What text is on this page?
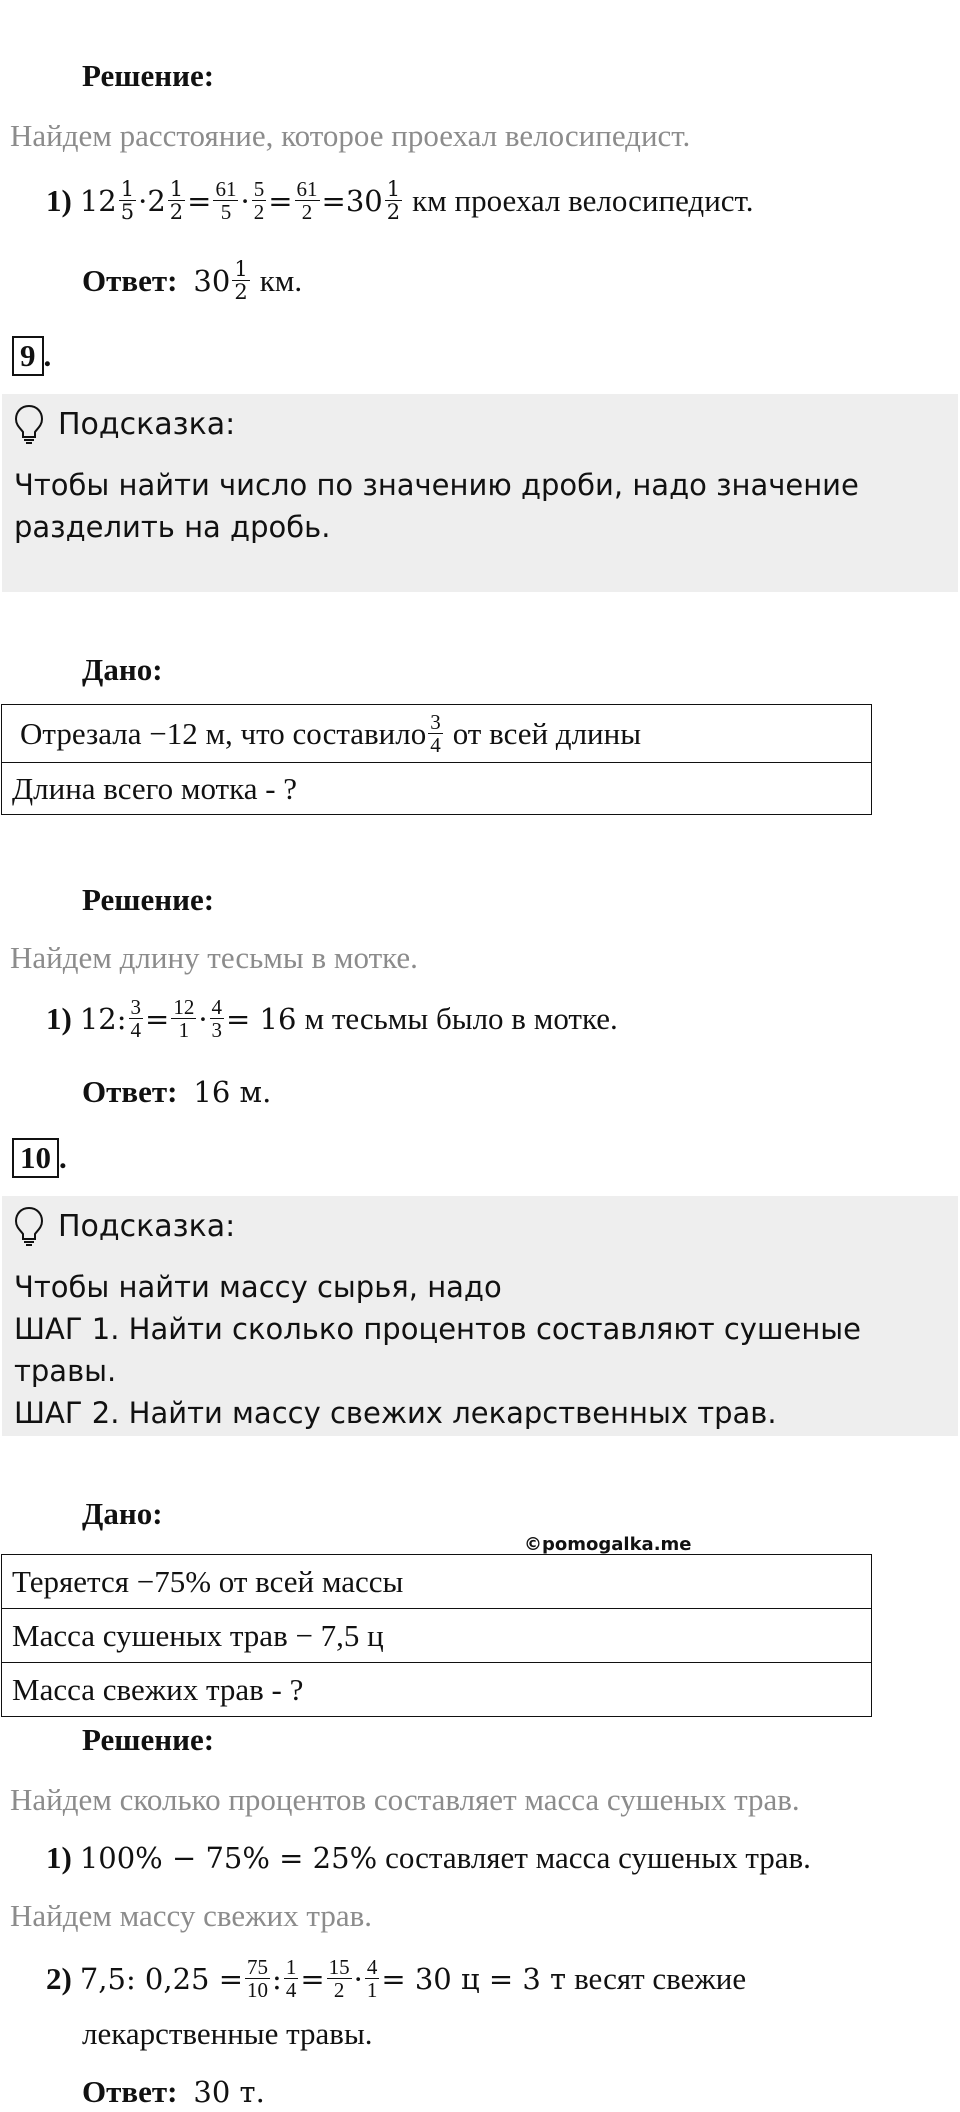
Решение:
Найдем расстояние, которое проехал велосипедист.
1) $12 \frac{1}{5} \cdot 2 \frac{1}{2} = \frac{61}{5} \cdot \frac{5}{2} = \frac{61}{2} = 30 \frac{1}{2}$ км проехал велосипедист.
Ответ: $30 \frac{1}{2}$ км.
9 .
Подсказка:
Чтобы найти число по значению дроби, надо значение
разделить на дробь.
Дано:
Отрезала −12 м, что составило $\frac{3}{4}$ от всей длины

Длина всего мотка - ?
Решение:
Найдем длину тесьмы в мотке.
1) 12: $\frac{3}{4} = \frac{12}{1} \cdot \frac{4}{3} = 16$ м тесьмы было в мотке.
Ответ: 16 м.
10 .
Подсказка:
Чтобы найти массу сырья, надо
ШАГ 1. Найти сколько процентов составляют сушеные травы.
ШАГ 2. Найти массу свежих лекарственных трав.
Дано:
©pomogalka.me
Теряется −75% от всей массы
Масса сушеных трав − 7,5 ц
Масса свежих трав - ?
Решение:
Найдем сколько процентов составляет масса сушеных трав.
1) 100% − 75% = 25% составляет масса сушеных трав.
Найдем массу свежих трав.
2) 7,5: $0,25 = \frac{75}{10}$ : $\frac{1}{4} = \frac{15}{2} \cdot \frac{4}{1} = 30$ ц = 3 т весят свежие
лекарственные травы.
Ответ: 30 т.
